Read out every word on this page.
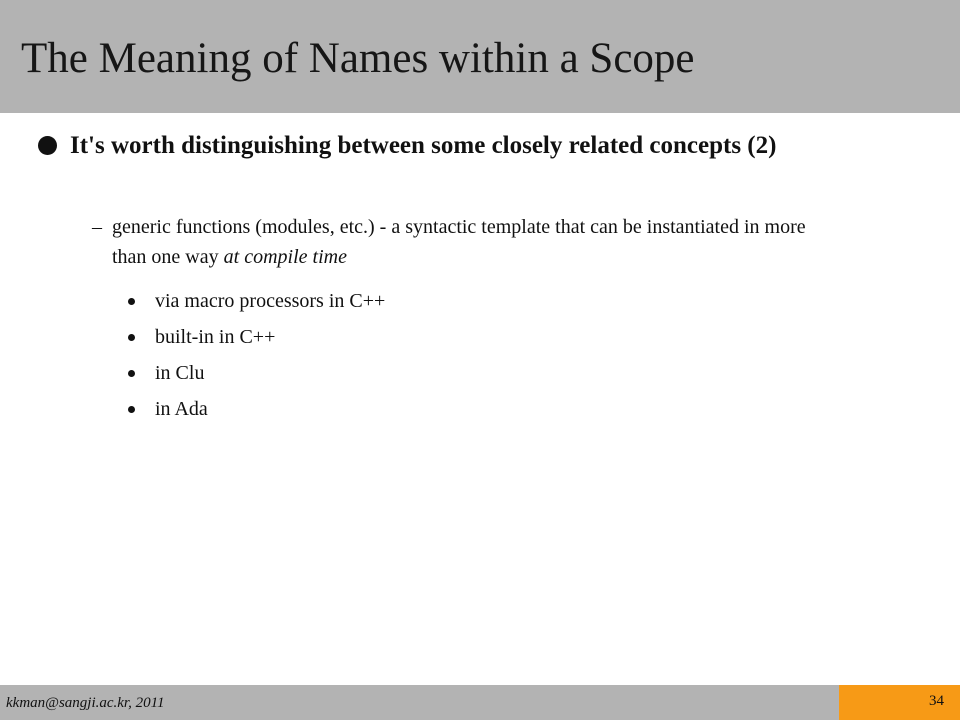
The Meaning of Names within a Scope

It's worth distinguishing between some closely related concepts (2)

– generic functions (modules, etc.) - a syntactic template that can be instantiated in more than one way at compile time

via macro processors in C++
built-in in C++
in Clu
in Ada
kkman@sangji.ac.kr, 2011	34
